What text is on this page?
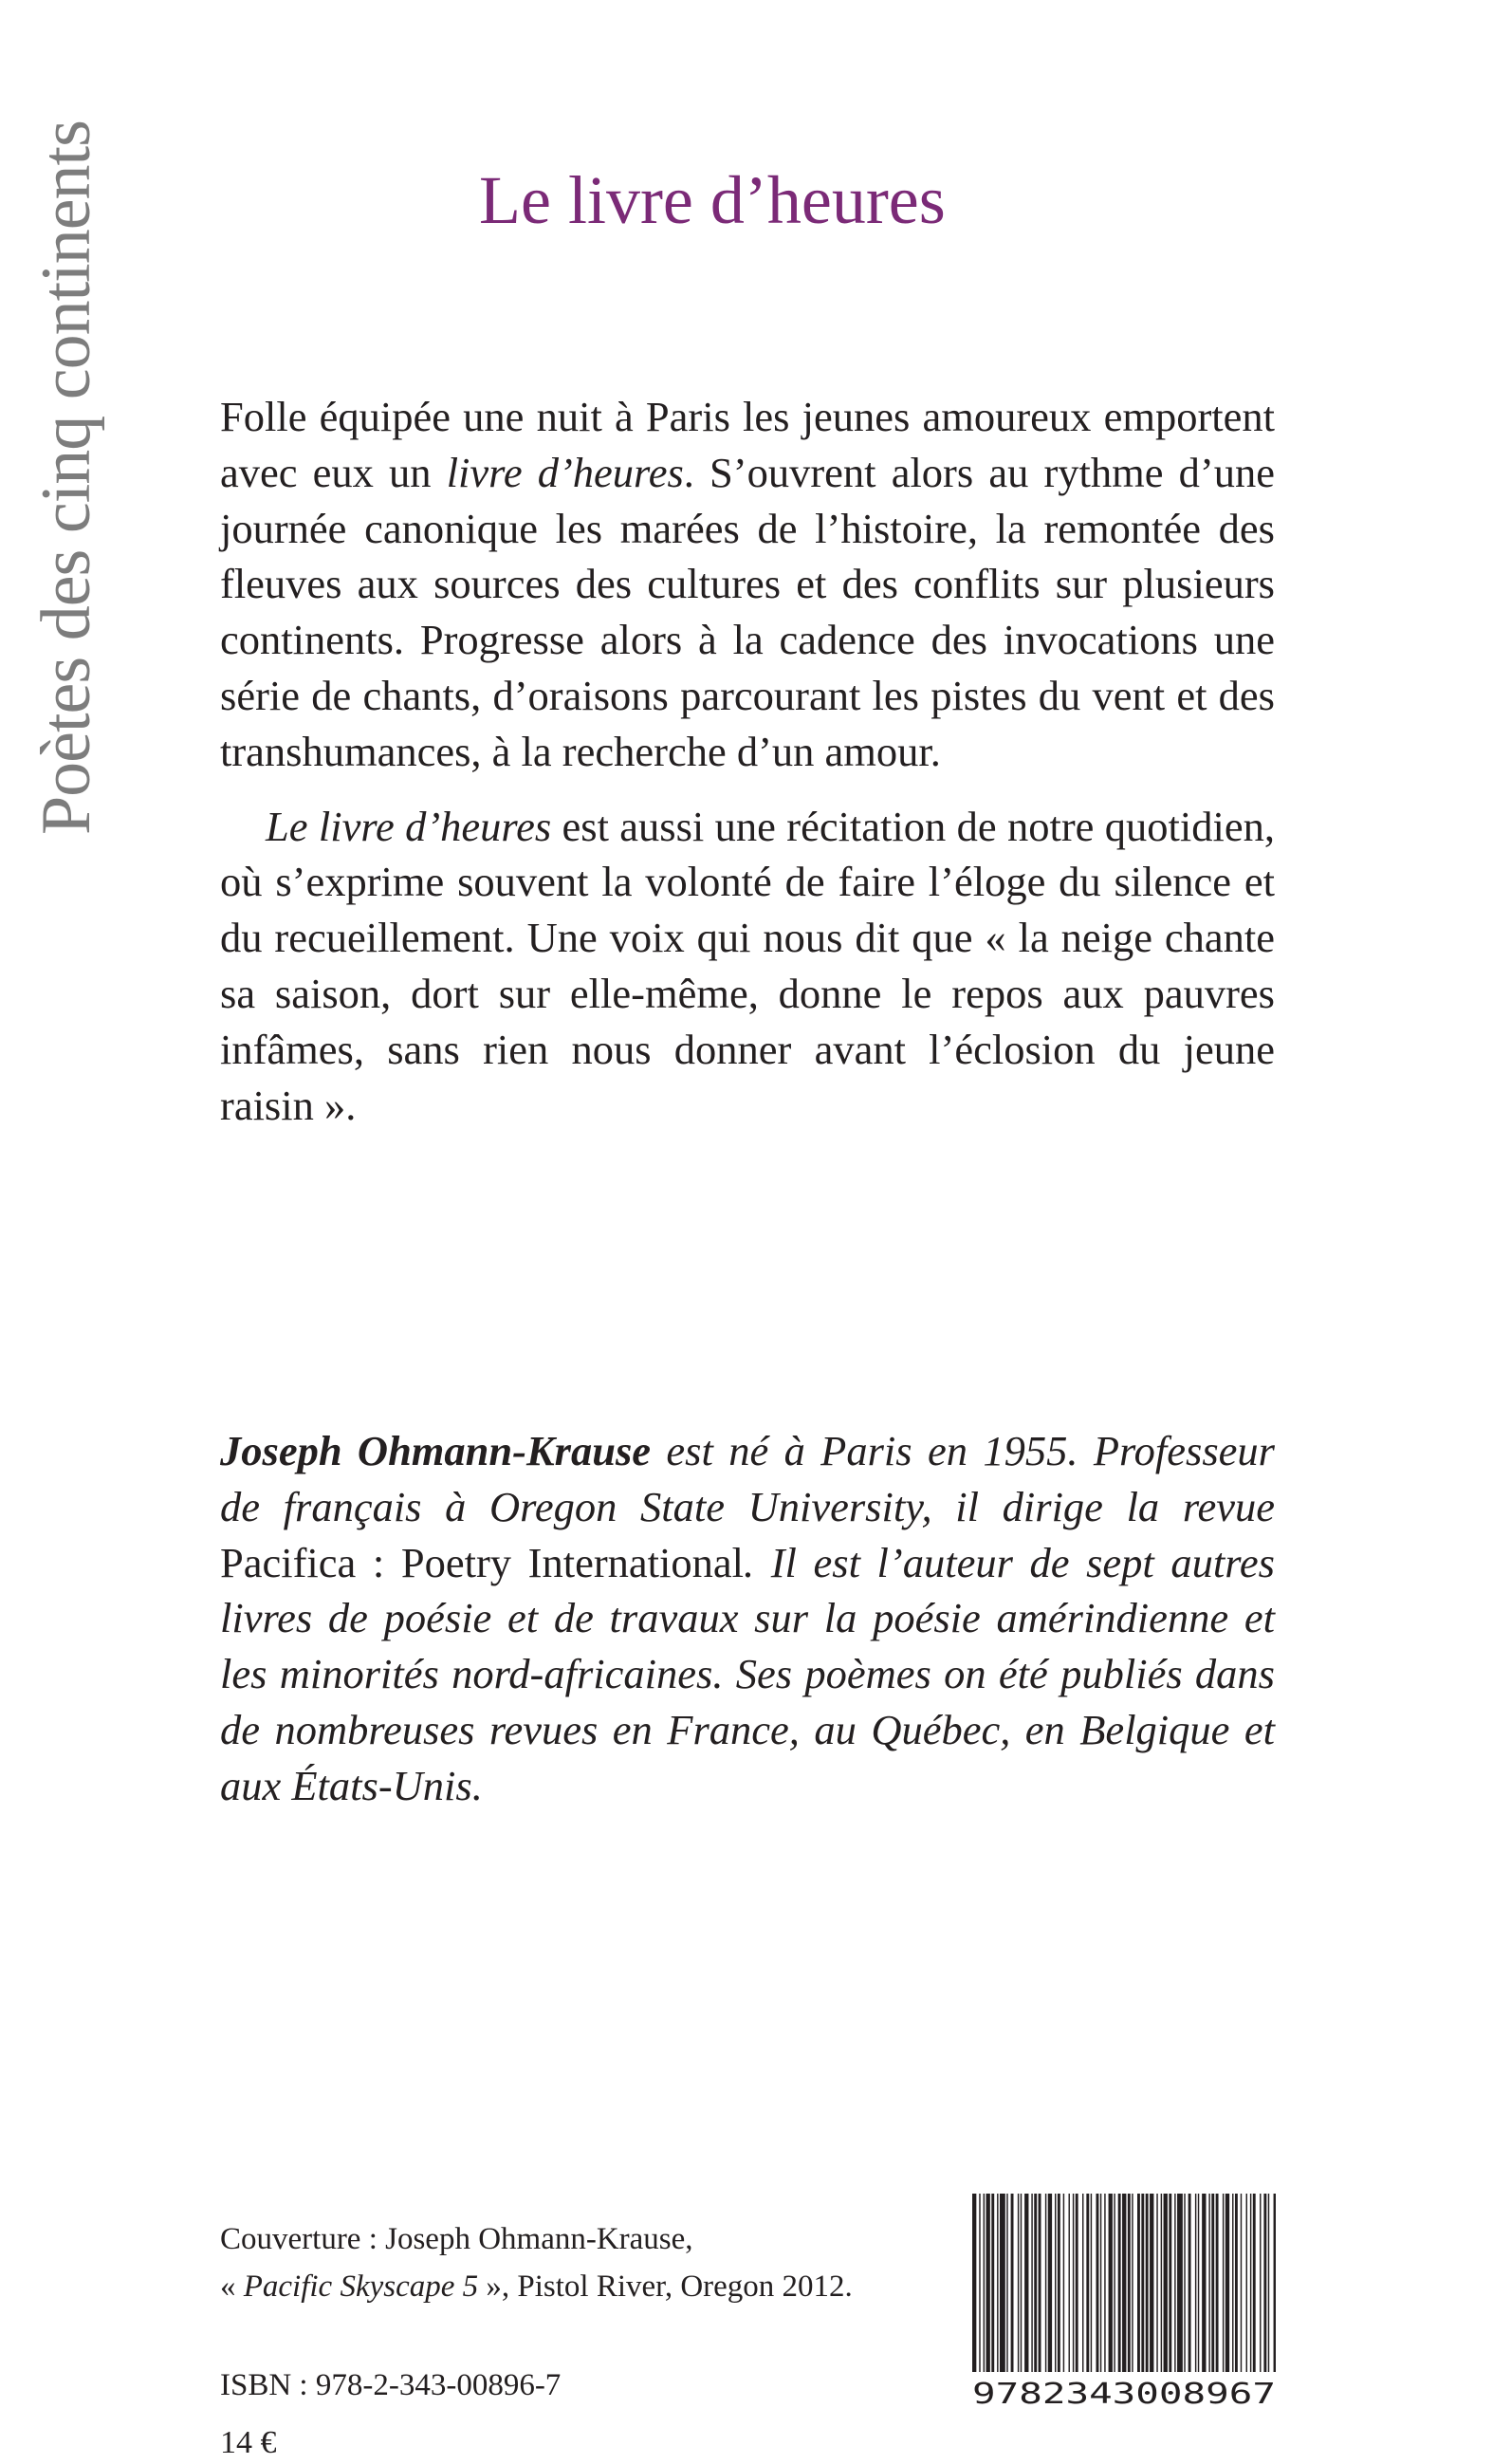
Poètes des cinq continents	Le livre d’heures

Folle équipée une nuit à Paris les jeunes amoureux emportent avec eux un livre d’heures. S’ouvrent alors au rythme d’une journée canonique les marées de l’histoire, la remontée des fleuves aux sources des cultures et des conflits sur plusieurs continents. Progresse alors à la cadence des invocations une série de chants, d’oraisons parcourant les pistes du vent et des transhumances, à la recherche d’un amour.

Le livre d’heures est aussi une récitation de notre quotidien, où s’exprime souvent la volonté de faire l’éloge du silence et du recueillement. Une voix qui nous dit que « la neige chante sa saison, dort sur elle-même, donne le repos aux pauvres infâmes, sans rien nous donner avant l’éclosion du jeune raisin ».

Joseph Ohmann-Krause est né à Paris en 1955. Professeur de français à Oregon State University, il dirige la revue Pacifica : Poetry International. Il est l’auteur de sept autres livres de poésie et de travaux sur la poésie amérindienne et les minorités nord-africaines. Ses poèmes on été publiés dans de nombreuses revues en France, au Québec, en Belgique et aux États-Unis.
Couverture : Joseph Ohmann-Krause,
« Pacific Skyscape 5 », Pistol River, Oregon 2012.
ISBN : 978-2-343-00896-7
14 €
9782343008967
